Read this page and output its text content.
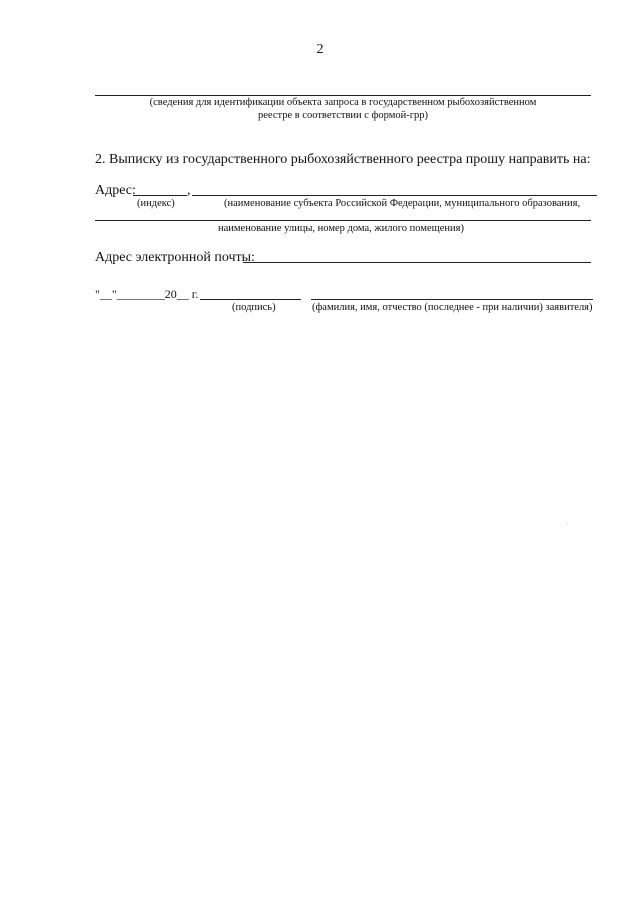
2
(сведения для идентификации объекта запроса в государственном рыбохозяйственном
реестре в соответствии с формой-грр)
2. Выписку из государственного рыбохозяйственного реестра прошу направить на:
Адрес:	,
(индекс)	(наименование субъекта Российской Федерации, муниципального образования,
наименование улицы, номер дома, жилого помещения)
Адрес электронной почты:
"__"________20__ г.
(подпись)	(фамилия, имя, отчество (последнее - при наличии) заявителя)
